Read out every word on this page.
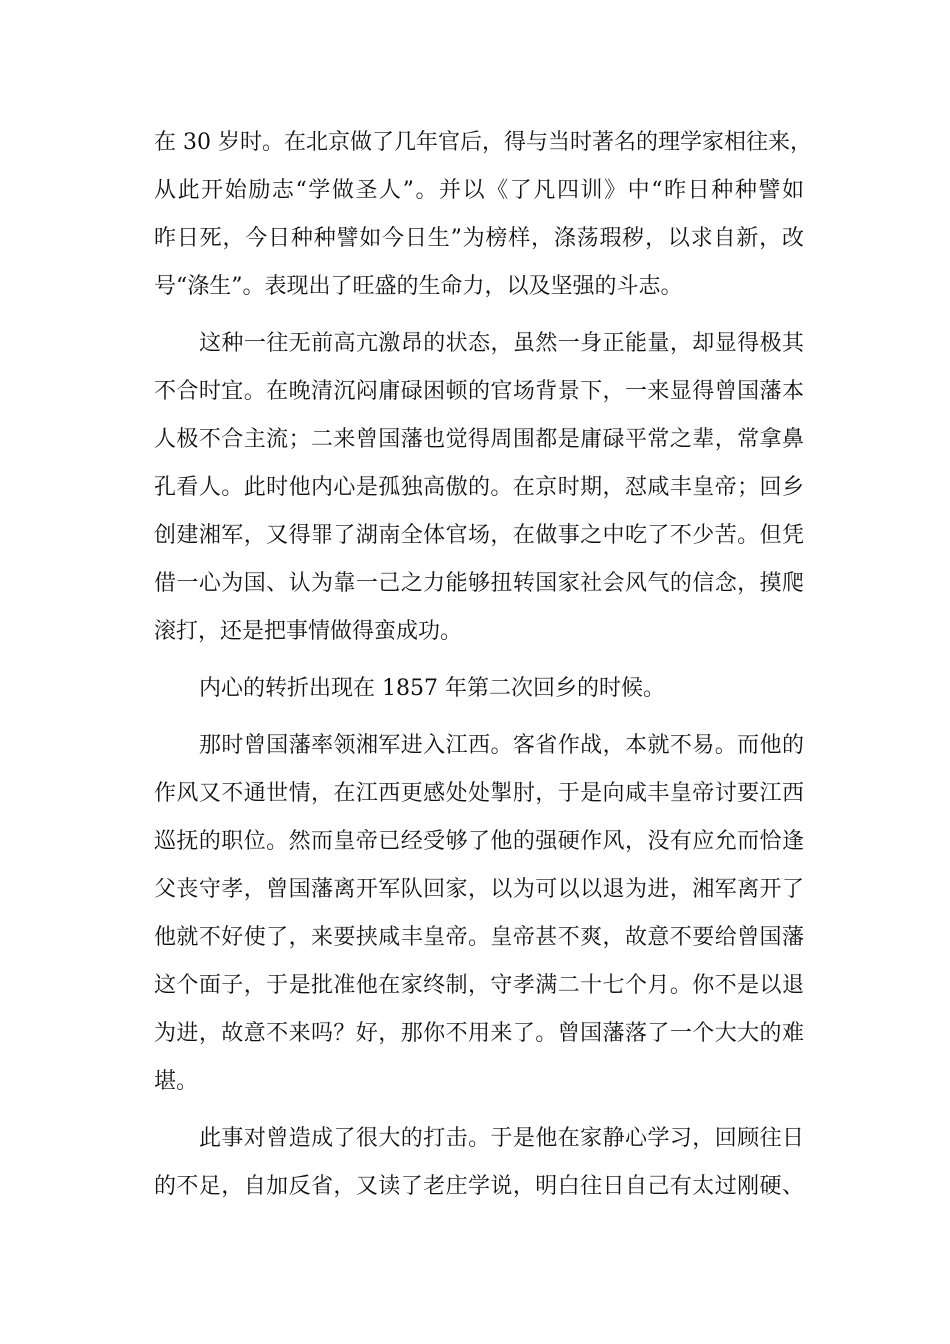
在 30 岁时。在北京做了几年官后，得与当时著名的理学家相往来，
从此开始励志“学做圣人”。并以《了凡四训》中“昨日种种譬如
昨日死，今日种种譬如今日生”为榜样，涤荡瑕秽，以求自新，改
号“涤生”。表现出了旺盛的生命力，以及坚强的斗志。
这种一往无前高亢激昂的状态，虽然一身正能量，却显得极其
不合时宜。在晚清沉闷庸碌困顿的官场背景下，一来显得曾国藩本
人极不合主流；二来曾国藩也觉得周围都是庸碌平常之辈，常拿鼻
孔看人。此时他内心是孤独高傲的。在京时期，怼咸丰皇帝；回乡
创建湘军，又得罪了湖南全体官场，在做事之中吃了不少苦。但凭
借一心为国、认为靠一己之力能够扭转国家社会风气的信念，摸爬
滚打，还是把事情做得蛮成功。
内心的转折出现在 1857 年第二次回乡的时候。
那时曾国藩率领湘军进入江西。客省作战，本就不易。而他的
作风又不通世情，在江西更感处处掣肘，于是向咸丰皇帝讨要江西
巡抚的职位。然而皇帝已经受够了他的强硬作风，没有应允而恰逢
父丧守孝，曾国藩离开军队回家，以为可以以退为进，湘军离开了
他就不好使了，来要挟咸丰皇帝。皇帝甚不爽，故意不要给曾国藩
这个面子，于是批准他在家终制，守孝满二十七个月。你不是以退
为进，故意不来吗？好，那你不用来了。曾国藩落了一个大大的难
堪。
此事对曾造成了很大的打击。于是他在家静心学习，回顾往日
的不足，自加反省，又读了老庄学说，明白往日自己有太过刚硬、
